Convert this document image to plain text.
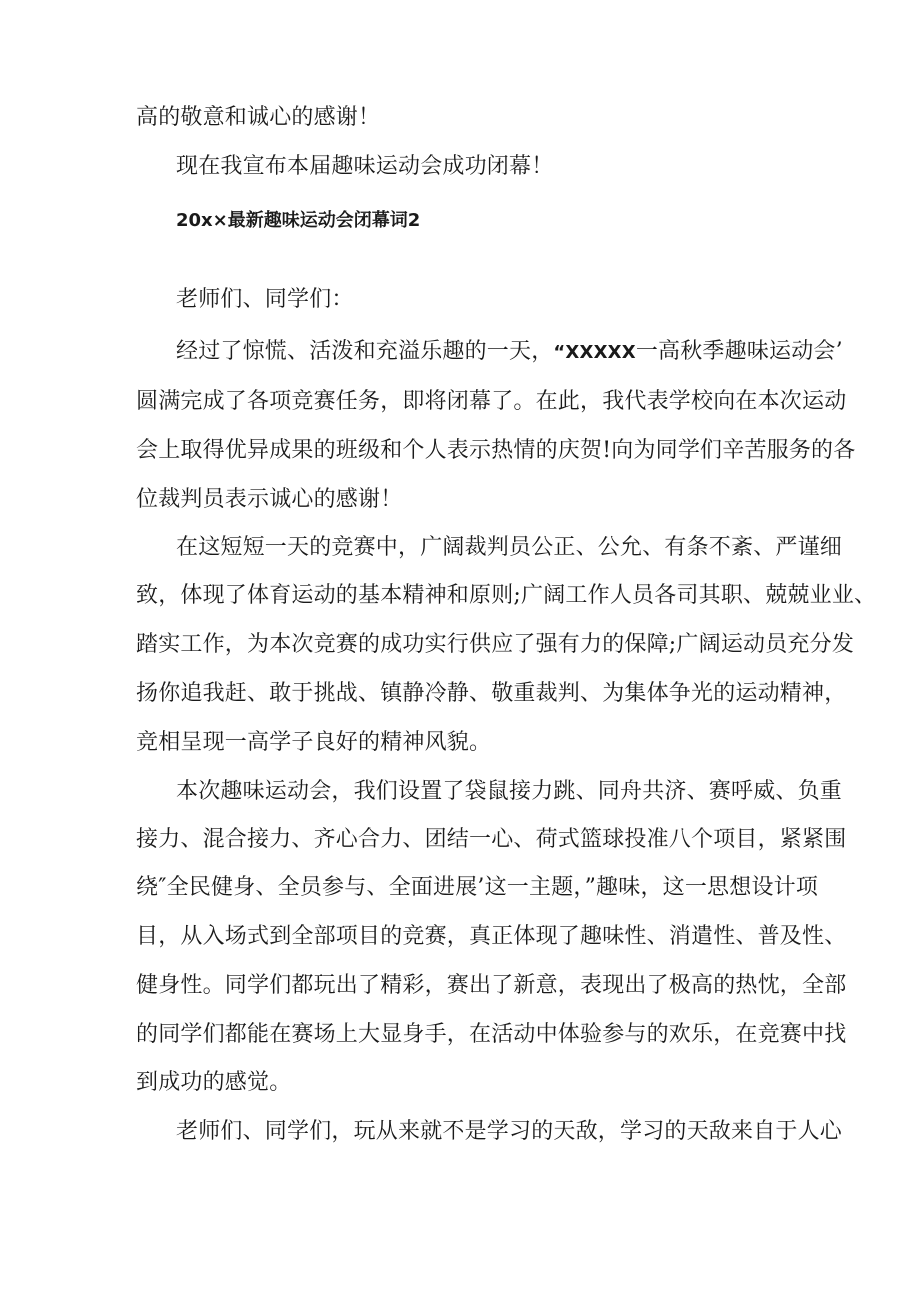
高的敬意和诚心的感谢！
现在我宣布本届趣味运动会成功闭幕！
20x×最新趣味运动会闭幕词2
老师们、同学们：
经过了惊慌、活泼和充溢乐趣的一天，“XXXXX一高秋季趣味运动会’
圆满完成了各项竞赛任务，即将闭幕了。在此，我代表学校向在本次运动
会上取得优异成果的班级和个人表示热情的庆贺!向为同学们辛苦服务的各
位裁判员表示诚心的感谢！
在这短短一天的竞赛中，广阔裁判员公正、公允、有条不紊、严谨细
致，体现了体育运动的基本精神和原则;广阔工作人员各司其职、兢兢业业、
踏实工作，为本次竞赛的成功实行供应了强有力的保障;广阔运动员充分发
扬你追我赶、敢于挑战、镇静冷静、敬重裁判、为集体争光的运动精神，
竞相呈现一高学子良好的精神风貌。
本次趣味运动会，我们设置了袋鼠接力跳、同舟共济、赛呼威、负重
接力、混合接力、齐心合力、团结一心、荷式篮球投准八个项目，紧紧围
绕″全民健身、全员参与、全面进展’这一主题，”趣味，这一思想设计项
目，从入场式到全部项目的竞赛，真正体现了趣味性、消遣性、普及性、
健身性。同学们都玩出了精彩，赛出了新意，表现出了极高的热忱，全部
的同学们都能在赛场上大显身手，在活动中体验参与的欢乐，在竞赛中找
到成功的感觉。
老师们、同学们，玩从来就不是学习的天敌，学习的天敌来自于人心
